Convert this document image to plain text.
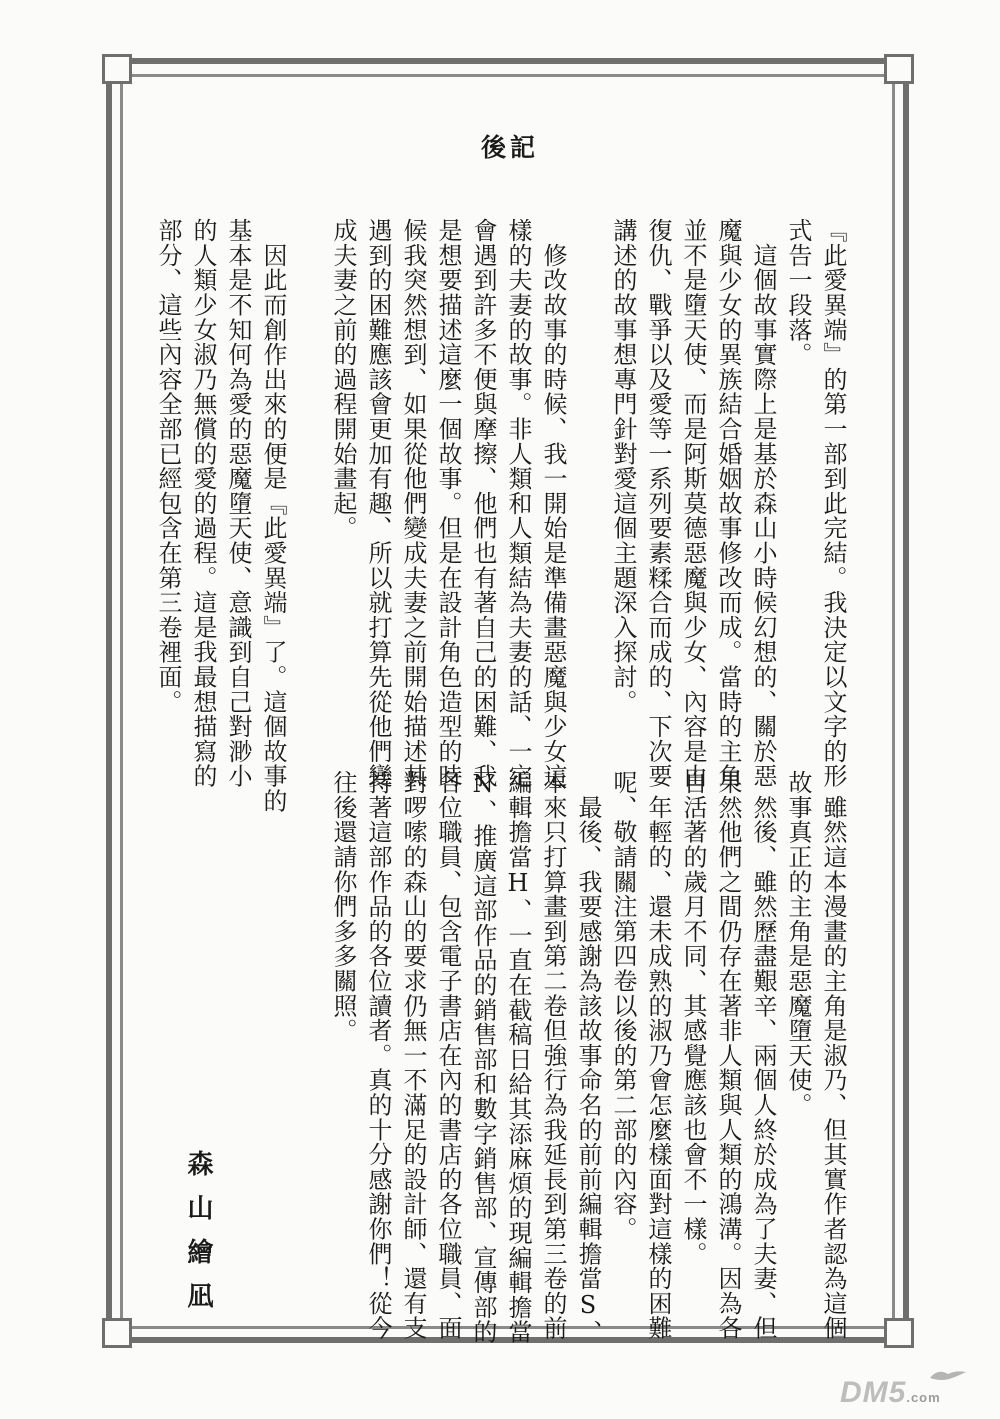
後記
『此愛異端』的第一部到此完結。我決定以文字的形
式告一段落。
　這個故事實際上是基於森山小時候幻想的、關於惡
魔與少女的異族結合婚姻故事修改而成。當時的主角
並不是墮天使、而是阿斯莫德惡魔與少女、內容是由
復仇、戰爭以及愛等一系列要素糅合而成的、下次要
講述的故事想專門針對愛這個主題深入探討。
　修改故事的時候、我一開始是準備畫惡魔與少女這
樣的夫妻的故事。非人類和人類結為夫妻的話、一定
會遇到許多不便與摩擦、他們也有著自己的困難、我
是想要描述這麼一個故事。但是在設計角色造型的時
候我突然想到、如果從他們變成夫妻之前開始描述其
遇到的困難應該會更加有趣、所以就打算先從他們變
成夫妻之前的過程開始畫起。
　因此而創作出來的便是『此愛異端』了。這個故事的
基本是不知何為愛的惡魔墮天使、意識到自己對渺小
的人類少女淑乃無償的愛的過程。這是我最想描寫的
部分、這些內容全部已經包含在第三卷裡面。
　雖然這本漫畫的主角是淑乃、但其實作者認為這個
故事真正的主角是惡魔墮天使。
　然後、雖然歷盡艱辛、兩個人終於成為了夫妻、但
果然他們之間仍存在著非人類與人類的鴻溝。因為各
自活著的歲月不同、其感覺應該也會不一樣。
　年輕的、還未成熟的淑乃會怎麼樣面對這樣的困難
呢、敬請關注第四卷以後的第二部的內容。
　最後、我要感謝為該故事命名的前前編輯擔當S、
本來只打算畫到第二卷但強行為我延長到第三卷的前
編輯擔當H、一直在截稿日給其添麻煩的現編輯擔當
N、推廣這部作品的銷售部和數字銷售部、宣傳部的
各位職員、包含電子書店在內的書店的各位職員、面
對啰嗦的森山的要求仍無一不滿足的設計師、還有支
持著這部作品的各位讀者。真的十分感謝你們！從今
往後還請你們多多關照。
森山繪凪
DM5.com
